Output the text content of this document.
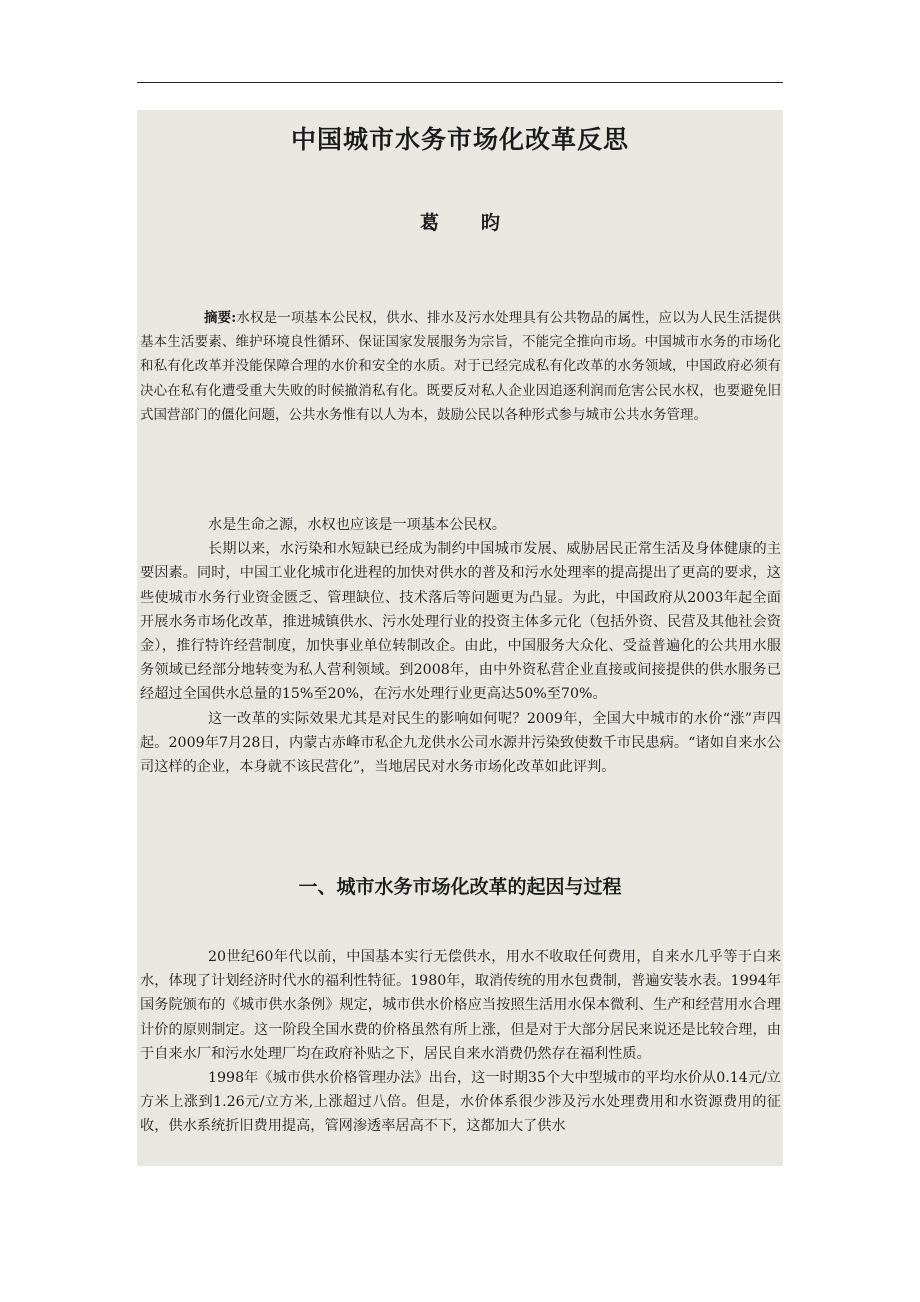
中国城市水务市场化改革反思
葛昀
摘要:水权是一项基本公民权，供水、排水及污水处理具有公共物品的属性，应以为人民生活提供基本生活要素、维护环境良性循环、保证国家发展服务为宗旨，不能完全推向市场。中国城市水务的市场化和私有化改革并没能保障合理的水价和安全的水质。对于已经完成私有化改革的水务领域，中国政府必须有决心在私有化遭受重大失败的时候撤消私有化。既要反对私人企业因追逐利润而危害公民水权，也要避免旧式国营部门的僵化问题，公共水务惟有以人为本，鼓励公民以各种形式参与城市公共水务管理。

水是生命之源，水权也应该是一项基本公民权。

长期以来，水污染和水短缺已经成为制约中国城市发展、威胁居民正常生活及身体健康的主要因素。同时，中国工业化城市化进程的加快对供水的普及和污水处理率的提高提出了更高的要求，这些使城市水务行业资金匮乏、管理缺位、技术落后等问题更为凸显。为此，中国政府从2003年起全面开展水务市场化改革，推进城镇供水、污水处理行业的投资主体多元化（包括外资、民营及其他社会资金），推行特许经营制度，加快事业单位转制改企。由此，中国服务大众化、受益普遍化的公共用水服务领域已经部分地转变为私人营利领域。到2008年，由中外资私营企业直接或间接提供的供水服务已经超过全国供水总量的15%至20%，在污水处理行业更高达50%至70%。

这一改革的实际效果尤其是对民生的影响如何呢？2009年，全国大中城市的水价“涨”声四起。2009年7月28日，内蒙古赤峰市私企九龙供水公司水源井污染致使数千市民患病。“诸如自来水公司这样的企业，本身就不该民营化”，当地居民对水务市场化改革如此评判。

一、城市水务市场化改革的起因与过程

20世纪60年代以前，中国基本实行无偿供水，用水不收取任何费用，自来水几乎等于白来水，体现了计划经济时代水的福利性特征。1980年，取消传统的用水包费制，普遍安装水表。1994年国务院颁布的《城市供水条例》规定，城市供水价格应当按照生活用水保本微利、生产和经营用水合理计价的原则制定。这一阶段全国水费的价格虽然有所上涨，但是对于大部分居民来说还是比较合理，由于自来水厂和污水处理厂均在政府补贴之下，居民自来水消费仍然存在福利性质。

1998年《城市供水价格管理办法》出台，这一时期35个大中型城市的平均水价从0.14元/立方米上涨到1.26元/立方米,上涨超过八倍。但是，水价体系很少涉及污水处理费用和水资源费用的征收，供水系统折旧费用提高，管网渗透率居高不下，这都加大了供水
